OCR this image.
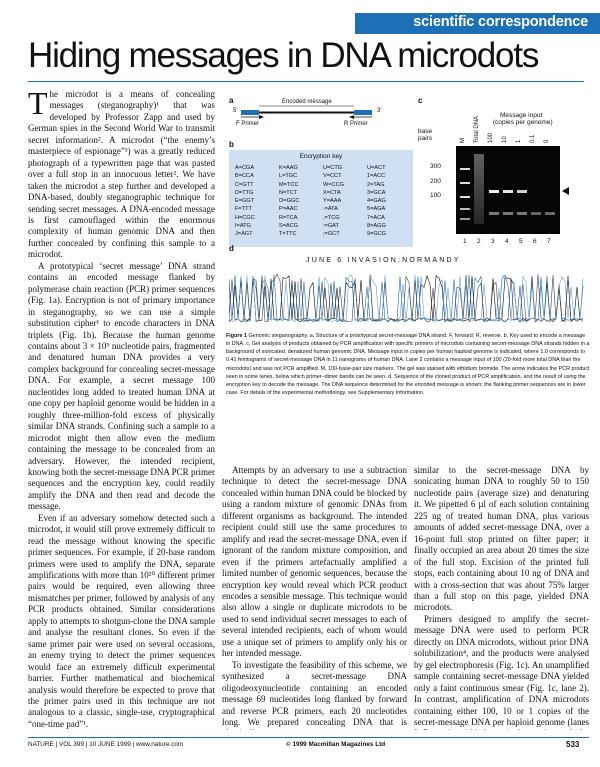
scientific correspondence
Hiding messages in DNA microdots

The microdot is a means of concealing messages (steganography)¹ that was developed by Professor Zapp and used by German spies in the Second World War to transmit secret information². A microdot (“the enemy’s masterpiece of espionage”³) was a greatly reduced photograph of a typewritten page that was pasted over a full stop in an innocuous letter². We have taken the microdot a step further and developed a DNA-based, doubly steganographic technique for sending secret messages. A DNA-encoded message is first camouflaged within the enormous complexity of human genomic DNA and then further concealed by confining this sample to a microdot.

A prototypical ‘secret message’ DNA strand contains an encoded message flanked by polymerase chain reaction (PCR) primer sequences (Fig. 1a). Encryption is not of primary importance in steganography, so we can use a simple substitution cipher¹ to encode characters in DNA triplets (Fig. 1b). Because the human genome contains about 3 × 10⁹ nucleotide pairs, fragmented and denatured human DNA provides a very complex background for concealing secret-message DNA. For example, a secret message 100 nucleotides long added to treated human DNA at one copy per haploid genome would be hidden in a roughly three-million-fold excess of physically similar DNA strands. Confining such a sample to a microdot might then allow even the medium containing the message to be concealed from an adversary. However, the intended recipient, knowing both the secret-message DNA PCR primer sequences and the encryption key, could readily amplify the DNA and then read and decode the message.

Even if an adversary somehow detected such a microdot, it would still prove extremely difficult to read the message without knowing the specific primer sequences. For example, if 20-base random primers were used to amplify the DNA, separate amplifications with more than 10²⁰ different primer pairs would be required, even allowing three mismatches per primer, followed by analysis of any PCR products obtained. Similar considerations apply to attempts to shotgun-clone the DNA sample and analyse the resultant clones. So even if the same primer pair were used on several occasions, an enemy trying to detect the primer sequences would face an extremely difficult experimental barrier. Further mathematical and biochemical analysis would therefore be expected to prove that the primer pairs used in this technique are not analogous to a classic, single-use, cryptographical “one-time pad”¹.

a
5′	3′
Encoded message
F Primer	R Primer
b
Encryption key
A=CGA	K=AAG	U=CTG	U=ACT
B=CCA	L=TGC	V=CCT	1=ACC
C=GTT	M=TCC	W=CCG	2=TAG
D=TTG	N=TCT	X=CTA	3=GCA
E=GGT	O=GGC	Y=AAA	4=GAG
F=TTT	P=AAC	.=ATA	5=AGA
H=CGC	R=TCA	,=TCG	7=ACA
I=ATG	S=ACG	:=GAT	8=AGG
J=AGT	T=TTC	;=GCT	9=GCG
c
Message input
(copies per genome)
base
pairs	M Total DNA 100 10 1 0.1 0
300
200
100
1 2 3 4 5 6 7
d
JUNE 6 INVASION:NORMANDY
Figure 1 Genomic steganography. a, Structure of a prototypical secret-message DNA strand. F, forward; R, reverse. b, Key used to encode a message in DNA. c, Gel analysis of products obtained by PCR amplification with specific primers of microdots containing secret-message DNA strands hidden in a background of sonicated, denatured human genomic DNA. Message input in copies per human haploid genome is indicated, where 1.0 corresponds to 0.41 femtograms of secret-message DNA in 11 nanograms of human DNA. Lane 2 contains a message input of 100 (20-fold more total DNA than the microdots) and was not PCR amplified. M, 100-base-pair size markers. The gel was stained with ethidium bromide. The arrow indicates the PCR product seen in some lanes, below which primer–dimer bands can be seen. d, Sequence of the cloned product of PCR amplification, and the result of using the encryption key to decode the message. The DNA sequence determined for the encoded message is shown; the flanking primer sequences are in lower case. For details of the experimental methodology, see Supplementary Information.

Attempts by an adversary to use a subtraction technique to detect the secret-message DNA concealed within human DNA could be blocked by using a random mixture of genomic DNAs from different organisms as background. The intended recipient could still use the same procedures to amplify and read the secret-message DNA, even if ignorant of the random mixture composition, and even if the primers artefactually amplified a limited number of genomic sequences, because the encryption key would reveal which PCR product encodes a sensible message. This technique would also allow a single or duplicate microdots to be used to send individual secret messages to each of several intended recipients, each of whom would use a unique set of primers to amplify only his or her intended message.

To investigate the feasibility of this scheme, we synthesized a secret-message DNA oligodeoxynucleotide containing an encoded message 69 nucleotides long flanked by forward and reverse PCR primers, each 20 nucleotides long. We prepared concealing DNA that is

similar to the secret-message DNA by sonicating human DNA to roughly 50 to 150 nucleotide pairs (average size) and denaturing it. We pipetted 6 µl of each solution containing 225 ng of treated human DNA, plus various amounts of added secret-message DNA, over a 16-point full stop printed on filter paper; it finally occupied an area about 20 times the size of the full stop. Excision of the printed full stops, each containing about 10 ng of DNA and with a cross-section that was about 75% larger than a full stop on this page, yielded DNA microdots.

Primers designed to amplify the secret-message DNA were used to perform PCR directly on DNA microdots, without prior DNA solubilization⁴, and the products were analysed by gel electrophoresis (Fig. 1c). An unamplified sample containing secret-message DNA yielded only a faint continuous smear (Fig. 1c, lane 2). In contrast, amplification of DNA microdots containing either 100, 10 or 1 copies of the secret-message DNA per haploid genome (lanes

NATURE | VOL 399 | 10 JUNE 1999 | www.nature.com	© 1999 Macmillan Magazines Ltd	533
